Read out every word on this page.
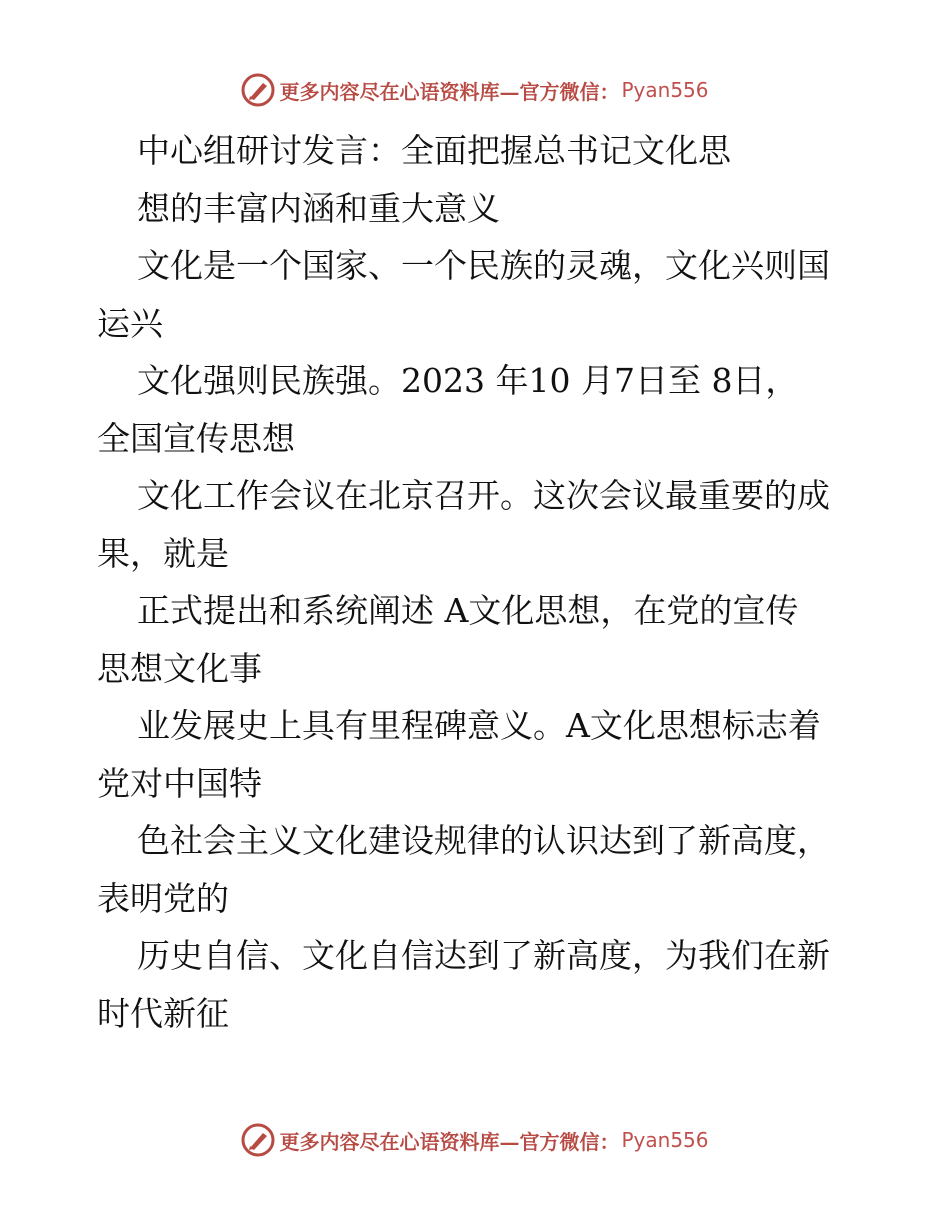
更多内容尽在心语资料库—官方微信： Pyan556
中心组研讨发言：全面把握总书记文化思
想的丰富内涵和重大意义
文化是一个国家、一个民族的灵魂，文化兴则国
运兴
文化强则民族强。2023 年10 月7日至 8日，
全国宣传思想
文化工作会议在北京召开。这次会议最重要的成
果，就是
正式提出和系统阐述 A文化思想，在党的宣传
思想文化事
业发展史上具有里程碑意义。A文化思想标志着
党对中国特
色社会主义文化建设规律的认识达到了新高度，
表明党的
历史自信、文化自信达到了新高度，为我们在新
时代新征
更多内容尽在心语资料库—官方微信： Pyan556
